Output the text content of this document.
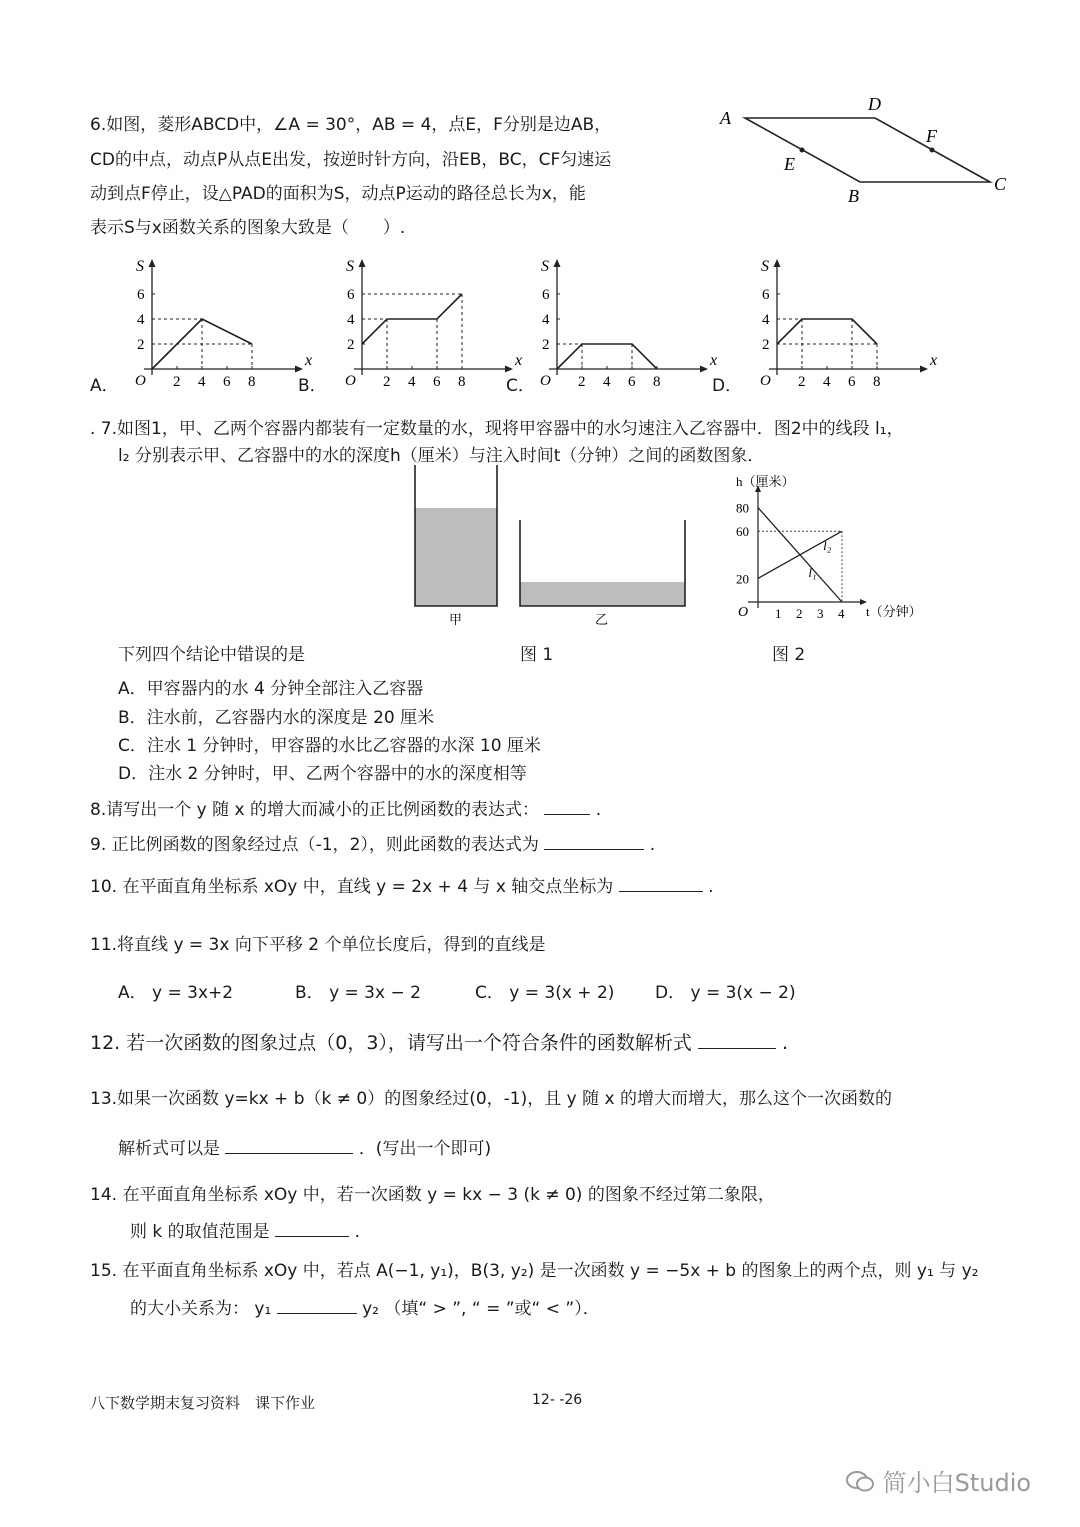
6.如图，菱形ABCD中，∠A = 30°，AB = 4，点E，F分别是边AB，
CD的中点，动点P从点E出发，按逆时针方向，沿EB，BC，CF匀速运
动到点F停止，设△PAD的面积为S，动点P运动的路径总长为x，能
表示S与x函数关系的图象大致是（　　）.
A
B
C
D
E
F
A．
S
x
O
2
4
6
2 4 6 8	B．
S
x
O
2
4
6
2 4 6 8 C．
S
x
O
2
4
6
2 4 6 8	D．
S
x
O
2
4
6
2 4 6 8
. 7.如图1，甲、乙两个容器内都装有一定数量的水，现将甲容器中的水匀速注入乙容器中．图2中的线段 l₁，
l₂ 分别表示甲、乙容器中的水的深度h（厘米）与注入时间t（分钟）之间的函数图象．
甲	乙
h（厘米）
t（分钟）
O
20
60
80
1 2 3 4
l₂
l₁
下列四个结论中错误的是	图 1	图 2
A．甲容器内的水 4 分钟全部注入乙容器
B．注水前，乙容器内水的深度是 20 厘米
C．注水 1 分钟时，甲容器的水比乙容器的水深 10 厘米
D．注水 2 分钟时，甲、乙两个容器中的水的深度相等
8.请写出一个 y 随 x 的增大而减小的正比例函数的表达式：	.
9. 正比例函数的图象经过点（-1，2），则此函数的表达式为	.
10. 在平面直角坐标系 xOy 中，直线 y = 2x + 4 与 x 轴交点坐标为	.
11.将直线 y = 3x 向下平移 2 个单位长度后，得到的直线是
A． y = 3x+2	B． y = 3x − 2	C． y = 3(x + 2) D． y = 3(x − 2)
12. 若一次函数的图象过点（0，3），请写出一个符合条件的函数解析式	.
13.如果一次函数 y=kx + b（k ≠ 0）的图象经过(0，-1)，且 y 随 x 的增大而增大，那么这个一次函数的
解析式可以是	．(写出一个即可)
14. 在平面直角坐标系 xOy 中，若一次函数 y = kx − 3 (k ≠ 0) 的图象不经过第二象限，
则 k 的取值范围是	.
15. 在平面直角坐标系 xOy 中，若点 A(−1, y₁)，B(3, y₂) 是一次函数 y = −5x + b 的图象上的两个点，则 y₁ 与 y₂
的大小关系为： y₁	y₂ （填“ > ”, “ = ”或“ < ”）．
八下数学期末复习资料　课下作业	12- -26
简小白Studio
